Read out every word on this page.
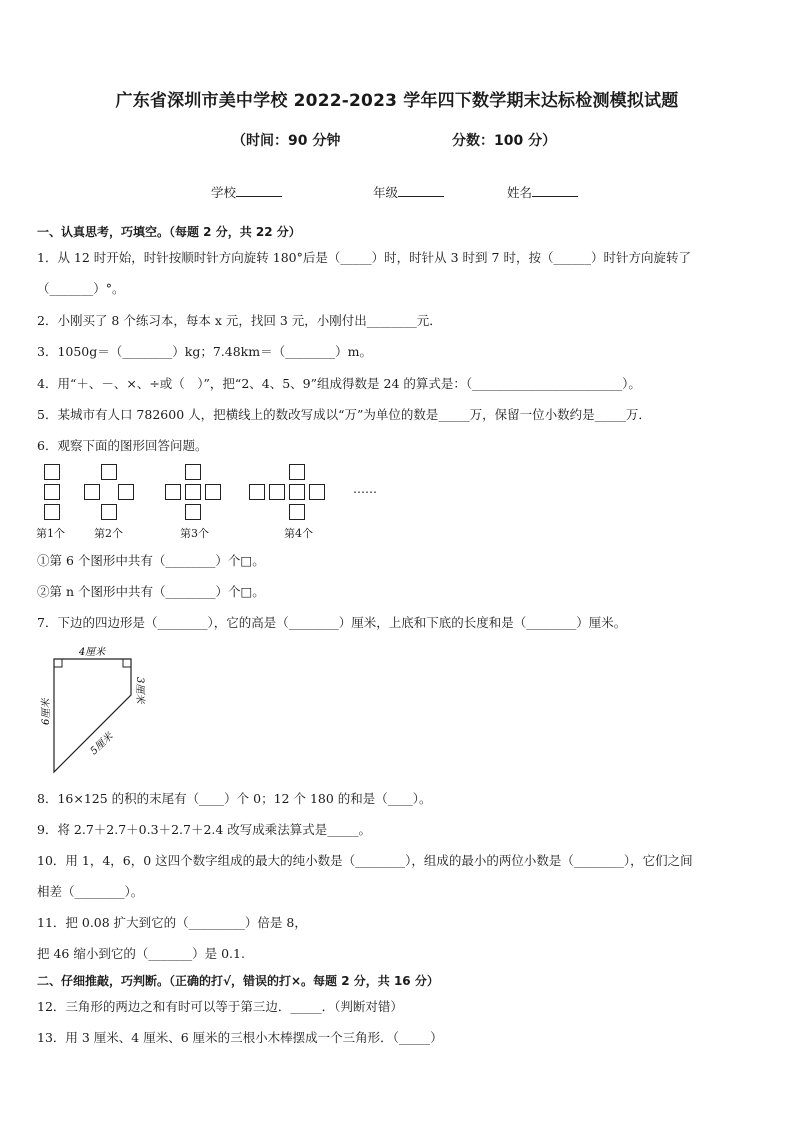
广东省深圳市美中学校 2022-2023 学年四下数学期末达标检测模拟试题
（时间：90 分钟	分数：100 分）
学校	年级	姓名
一、认真思考，巧填空。（每题 2 分，共 22 分）
1．从 12 时开始，时针按顺时针方向旋转 180°后是（_____）时，时针从 3 时到 7 时，按（______）时针方向旋转了
（_______）°。
2．小刚买了 8 个练习本，每本 x 元，找回 3 元，小刚付出________元．
3．1050g＝（________）kg；7.48km＝（________）m。
4．用“＋、－、×、÷或（　）”，把“2、4、5、9”组成得数是 24 的算式是：（________________________）。
5．某城市有人口 782600 人，把横线上的数改写成以“万”为单位的数是_____万，保留一位小数约是_____万．
6．观察下面的图形回答问题。
……
第1个	第2个	第3个	第4个
①第 6 个图形中共有（________）个□。
②第 n 个图形中共有（________）个□。
7．下边的四边形是（________），它的高是（________）厘米，上底和下底的长度和是（________）厘米。
4厘米
3厘米
6厘米
5厘米
8．16×125 的积的末尾有（____）个 0；12 个 180 的和是（____）。
9．将 2.7＋2.7＋0.3＋2.7＋2.4 改写成乘法算式是_____。
10．用 1，4，6，0 这四个数字组成的最大的纯小数是（________），组成的最小的两位小数是（________），它们之间
相差（________）。
11．把 0.08 扩大到它的（_________）倍是 8，
把 46 缩小到它的（_______）是 0.1.
二、仔细推敲，巧判断。（正确的打√，错误的打×。每题 2 分，共 16 分）
12．三角形的两边之和有时可以等于第三边．_____．（判断对错）
13．用 3 厘米、4 厘米、6 厘米的三根小木棒摆成一个三角形．（_____）
